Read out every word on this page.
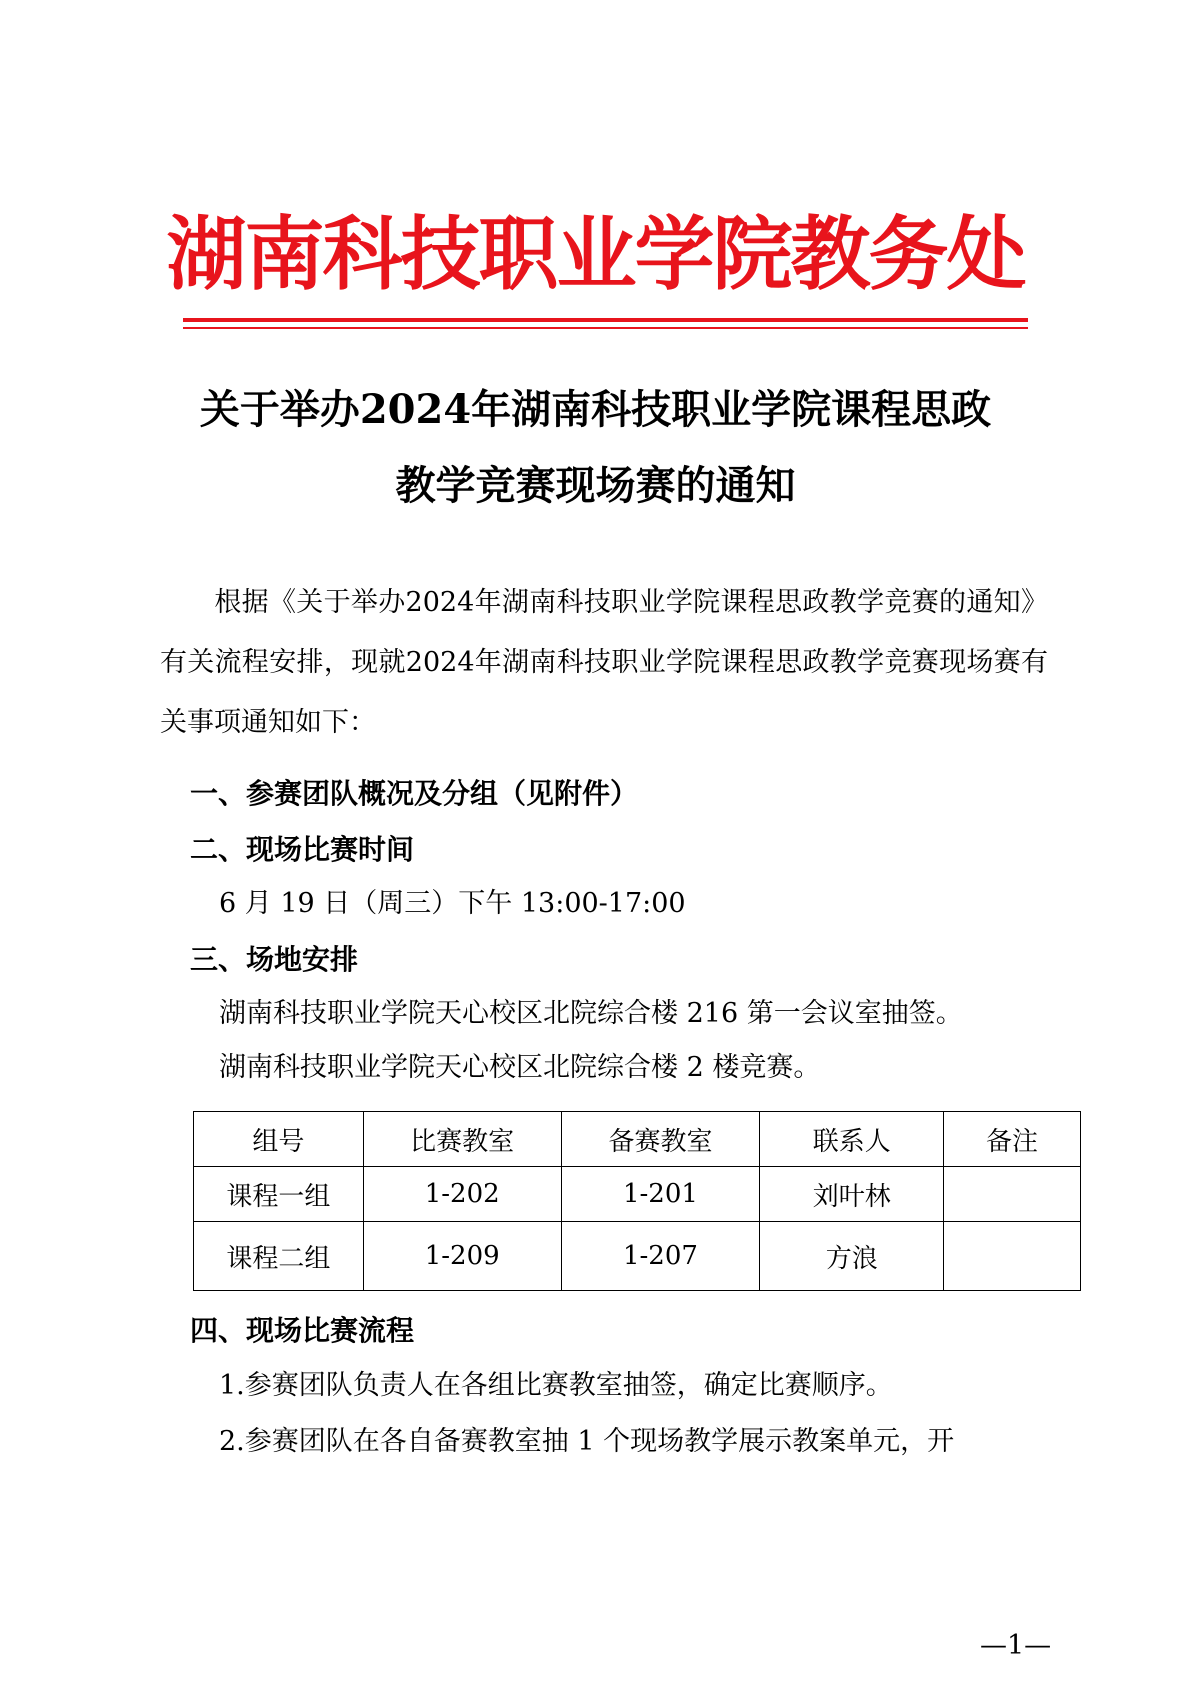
湖南科技职业学院教务处
关于举办2024年湖南科技职业学院课程思政
教学竞赛现场赛的通知
根据《关于举办2024年湖南科技职业学院课程思政教学竞赛的通知》有关流程安排，现就2024年湖南科技职业学院课程思政教学竞赛现场赛有关事项通知如下：
一、参赛团队概况及分组（见附件）
二、现场比赛时间
6 月 19 日（周三）下午 13:00-17:00
三、场地安排
湖南科技职业学院天心校区北院综合楼 216 第一会议室抽签。
湖南科技职业学院天心校区北院综合楼 2 楼竞赛。
组号	比赛教室	备赛教室	联系人	备注
课程一组	1-202	1-201	刘叶林	
课程二组	1-209	1-207	方浪	
四、现场比赛流程
1.参赛团队负责人在各组比赛教室抽签，确定比赛顺序。
2.参赛团队在各自备赛教室抽 1 个现场教学展示教案单元，开
—1—
